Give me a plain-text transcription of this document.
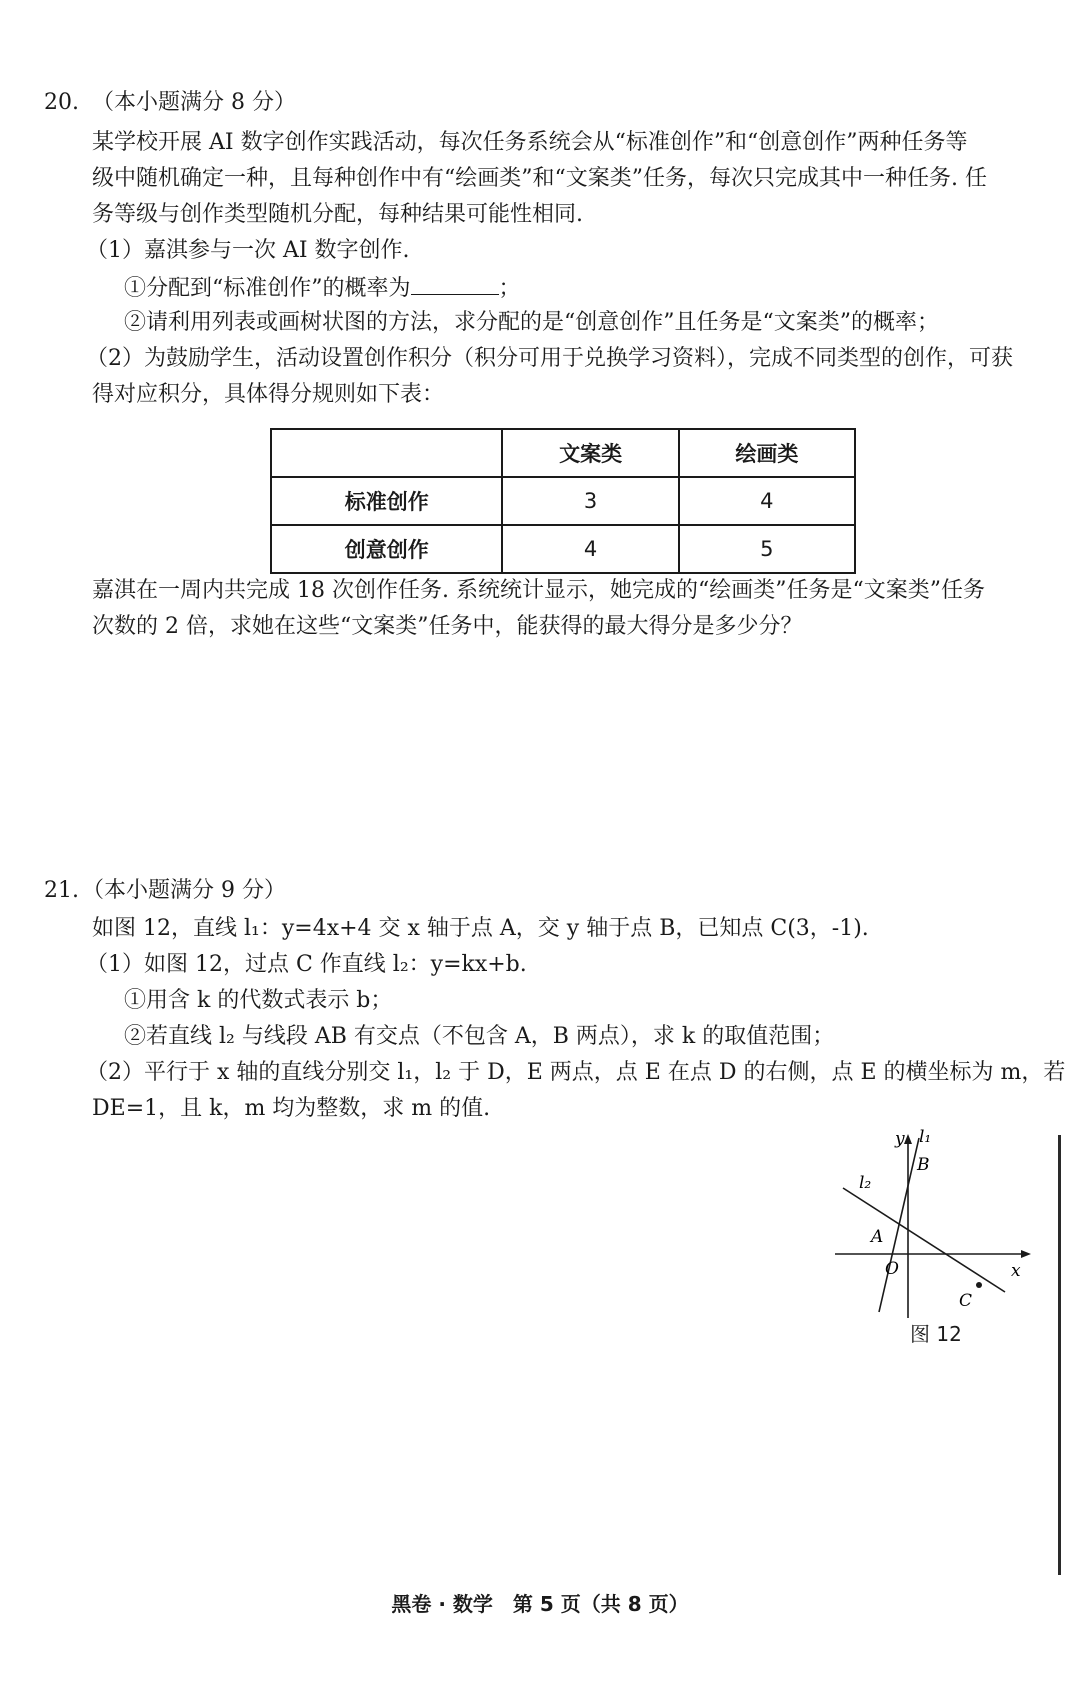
20. （本小题满分 8 分）
某学校开展 AI 数字创作实践活动，每次任务系统会从“标准创作”和“创意创作”两种任务等
级中随机确定一种，且每种创作中有“绘画类”和“文案类”任务，每次只完成其中一种任务. 任
务等级与创作类型随机分配，每种结果可能性相同.
（1）嘉淇参与一次 AI 数字创作.
①分配到“标准创作”的概率为	；
②请利用列表或画树状图的方法，求分配的是“创意创作”且任务是“文案类”的概率；
（2）为鼓励学生，活动设置创作积分（积分可用于兑换学习资料），完成不同类型的创作，可获
得对应积分，具体得分规则如下表：
	文案类	绘画类
标准创作	3	4
创意创作	4	5
嘉淇在一周内共完成 18 次创作任务. 系统统计显示，她完成的“绘画类”任务是“文案类”任务
次数的 2 倍，求她在这些“文案类”任务中，能获得的最大得分是多少分？
21. （本小题满分 9 分）
如图 12，直线 l₁：y=4x+4 交 x 轴于点 A，交 y 轴于点 B，已知点 C(3，-1).
（1）如图 12，过点 C 作直线 l₂：y=kx+b.
①用含 k 的代数式表示 b；
②若直线 l₂ 与线段 AB 有交点（不包含 A，B 两点），求 k 的取值范围；
（2）平行于 x 轴的直线分别交 l₁，l₂ 于 D，E 两点，点 E 在点 D 的右侧，点 E 的横坐标为 m，若
DE=1，且 k，m 均为整数，求 m 的值.
y l₁
B
l₂
A
O	x
C
图 12
黑卷 · 数学　第 5 页（共 8 页）
